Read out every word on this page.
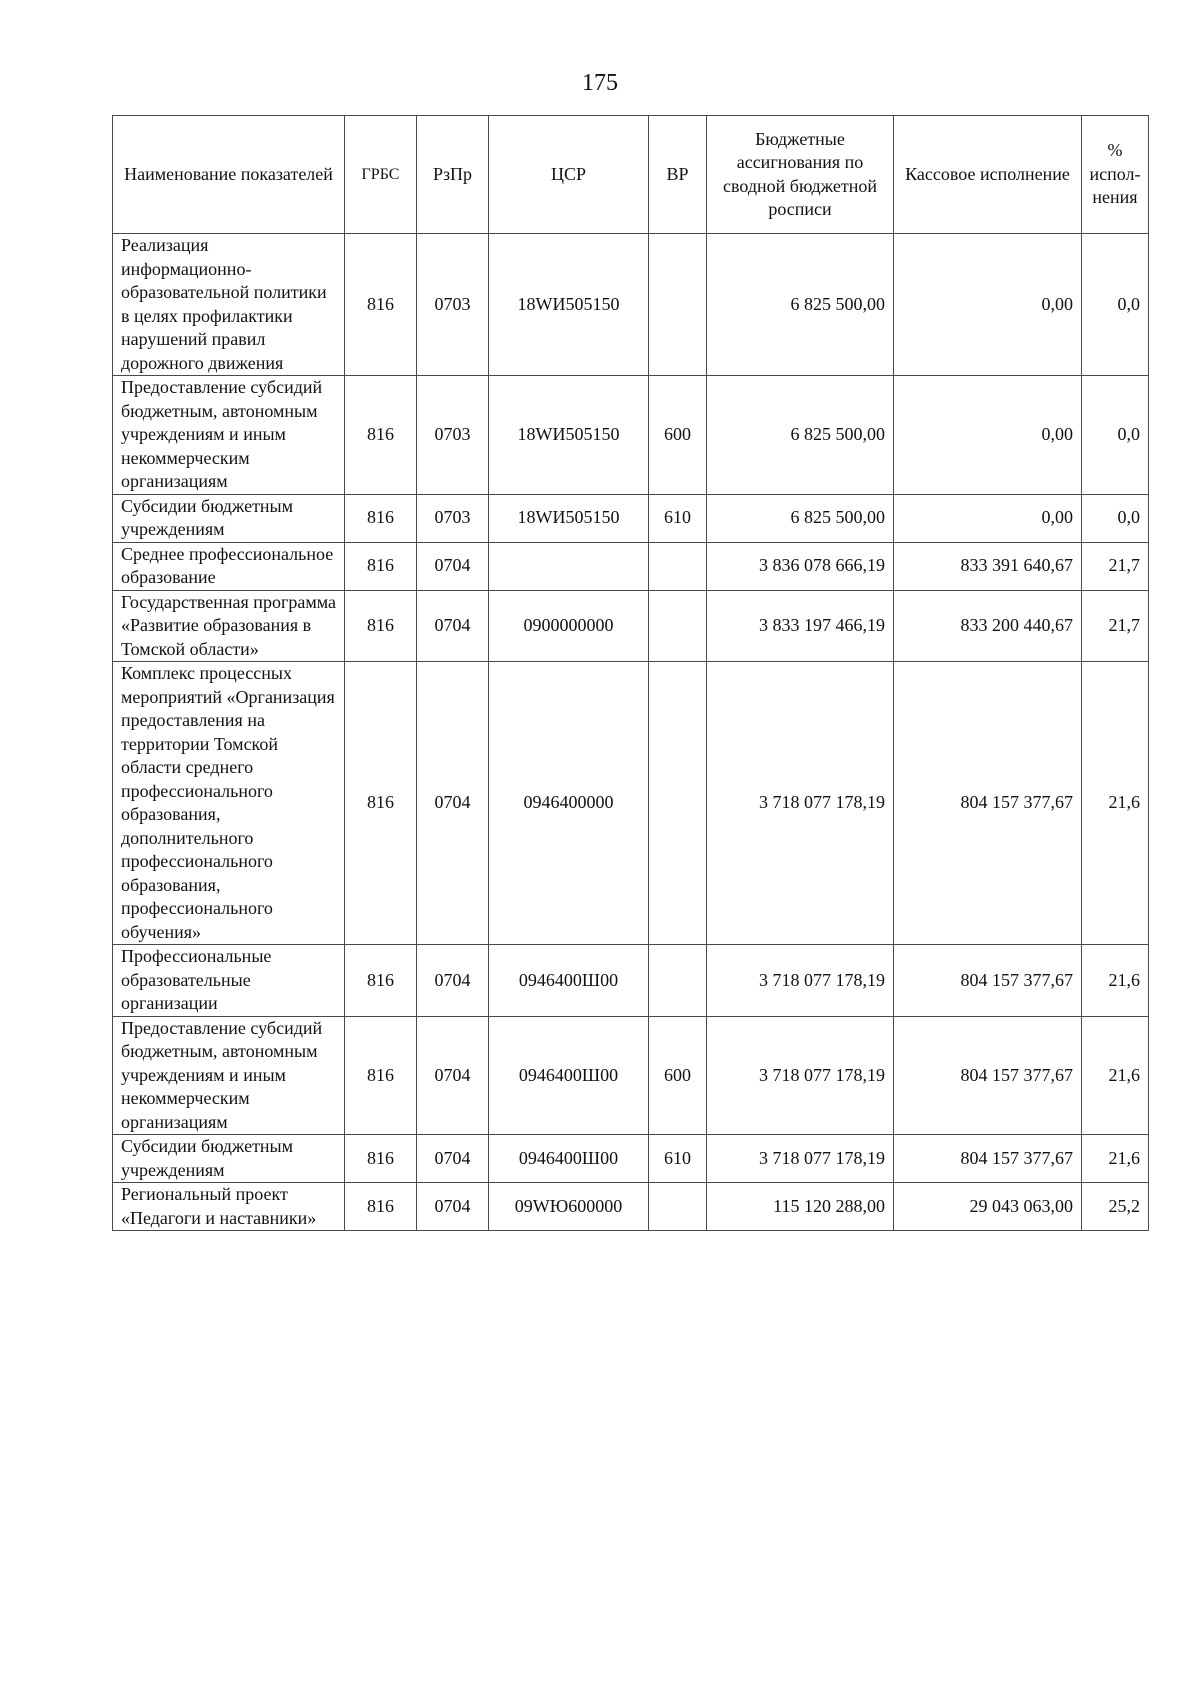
175
Наименование показателей	ГРБС	РзПр	ЦСР	ВР	Бюджетные ассигнования по сводной бюджетной росписи	Кассовое исполнение	% испол- нения
Реализация информационно-образовательной политики в целях профилактики нарушений правил дорожного движения	816	0703	18WИ505150		6 825 500,00	0,00	0,0
Предоставление субсидий бюджетным, автономным учреждениям и иным некоммерческим организациям	816	0703	18WИ505150	600	6 825 500,00	0,00	0,0
Субсидии бюджетным учреждениям	816	0703	18WИ505150	610	6 825 500,00	0,00	0,0
Среднее профессиональное образование	816	0704			3 836 078 666,19	833 391 640,67	21,7
Государственная программа «Развитие образования в Томской области»	816	0704	0900000000		3 833 197 466,19	833 200 440,67	21,7
Комплекс процессных мероприятий «Организация предоставления на территории Томской области среднего профессионального образования, дополнительного профессионального образования, профессионального обучения»	816	0704	0946400000		3 718 077 178,19	804 157 377,67	21,6
Профессиональные образовательные организации	816	0704	0946400Ш00		3 718 077 178,19	804 157 377,67	21,6
Предоставление субсидий бюджетным, автономным учреждениям и иным некоммерческим организациям	816	0704	0946400Ш00	600	3 718 077 178,19	804 157 377,67	21,6
Субсидии бюджетным учреждениям	816	0704	0946400Ш00	610	3 718 077 178,19	804 157 377,67	21,6
Региональный проект «Педагоги и наставники»	816	0704	09WЮ600000		115 120 288,00	29 043 063,00	25,2
